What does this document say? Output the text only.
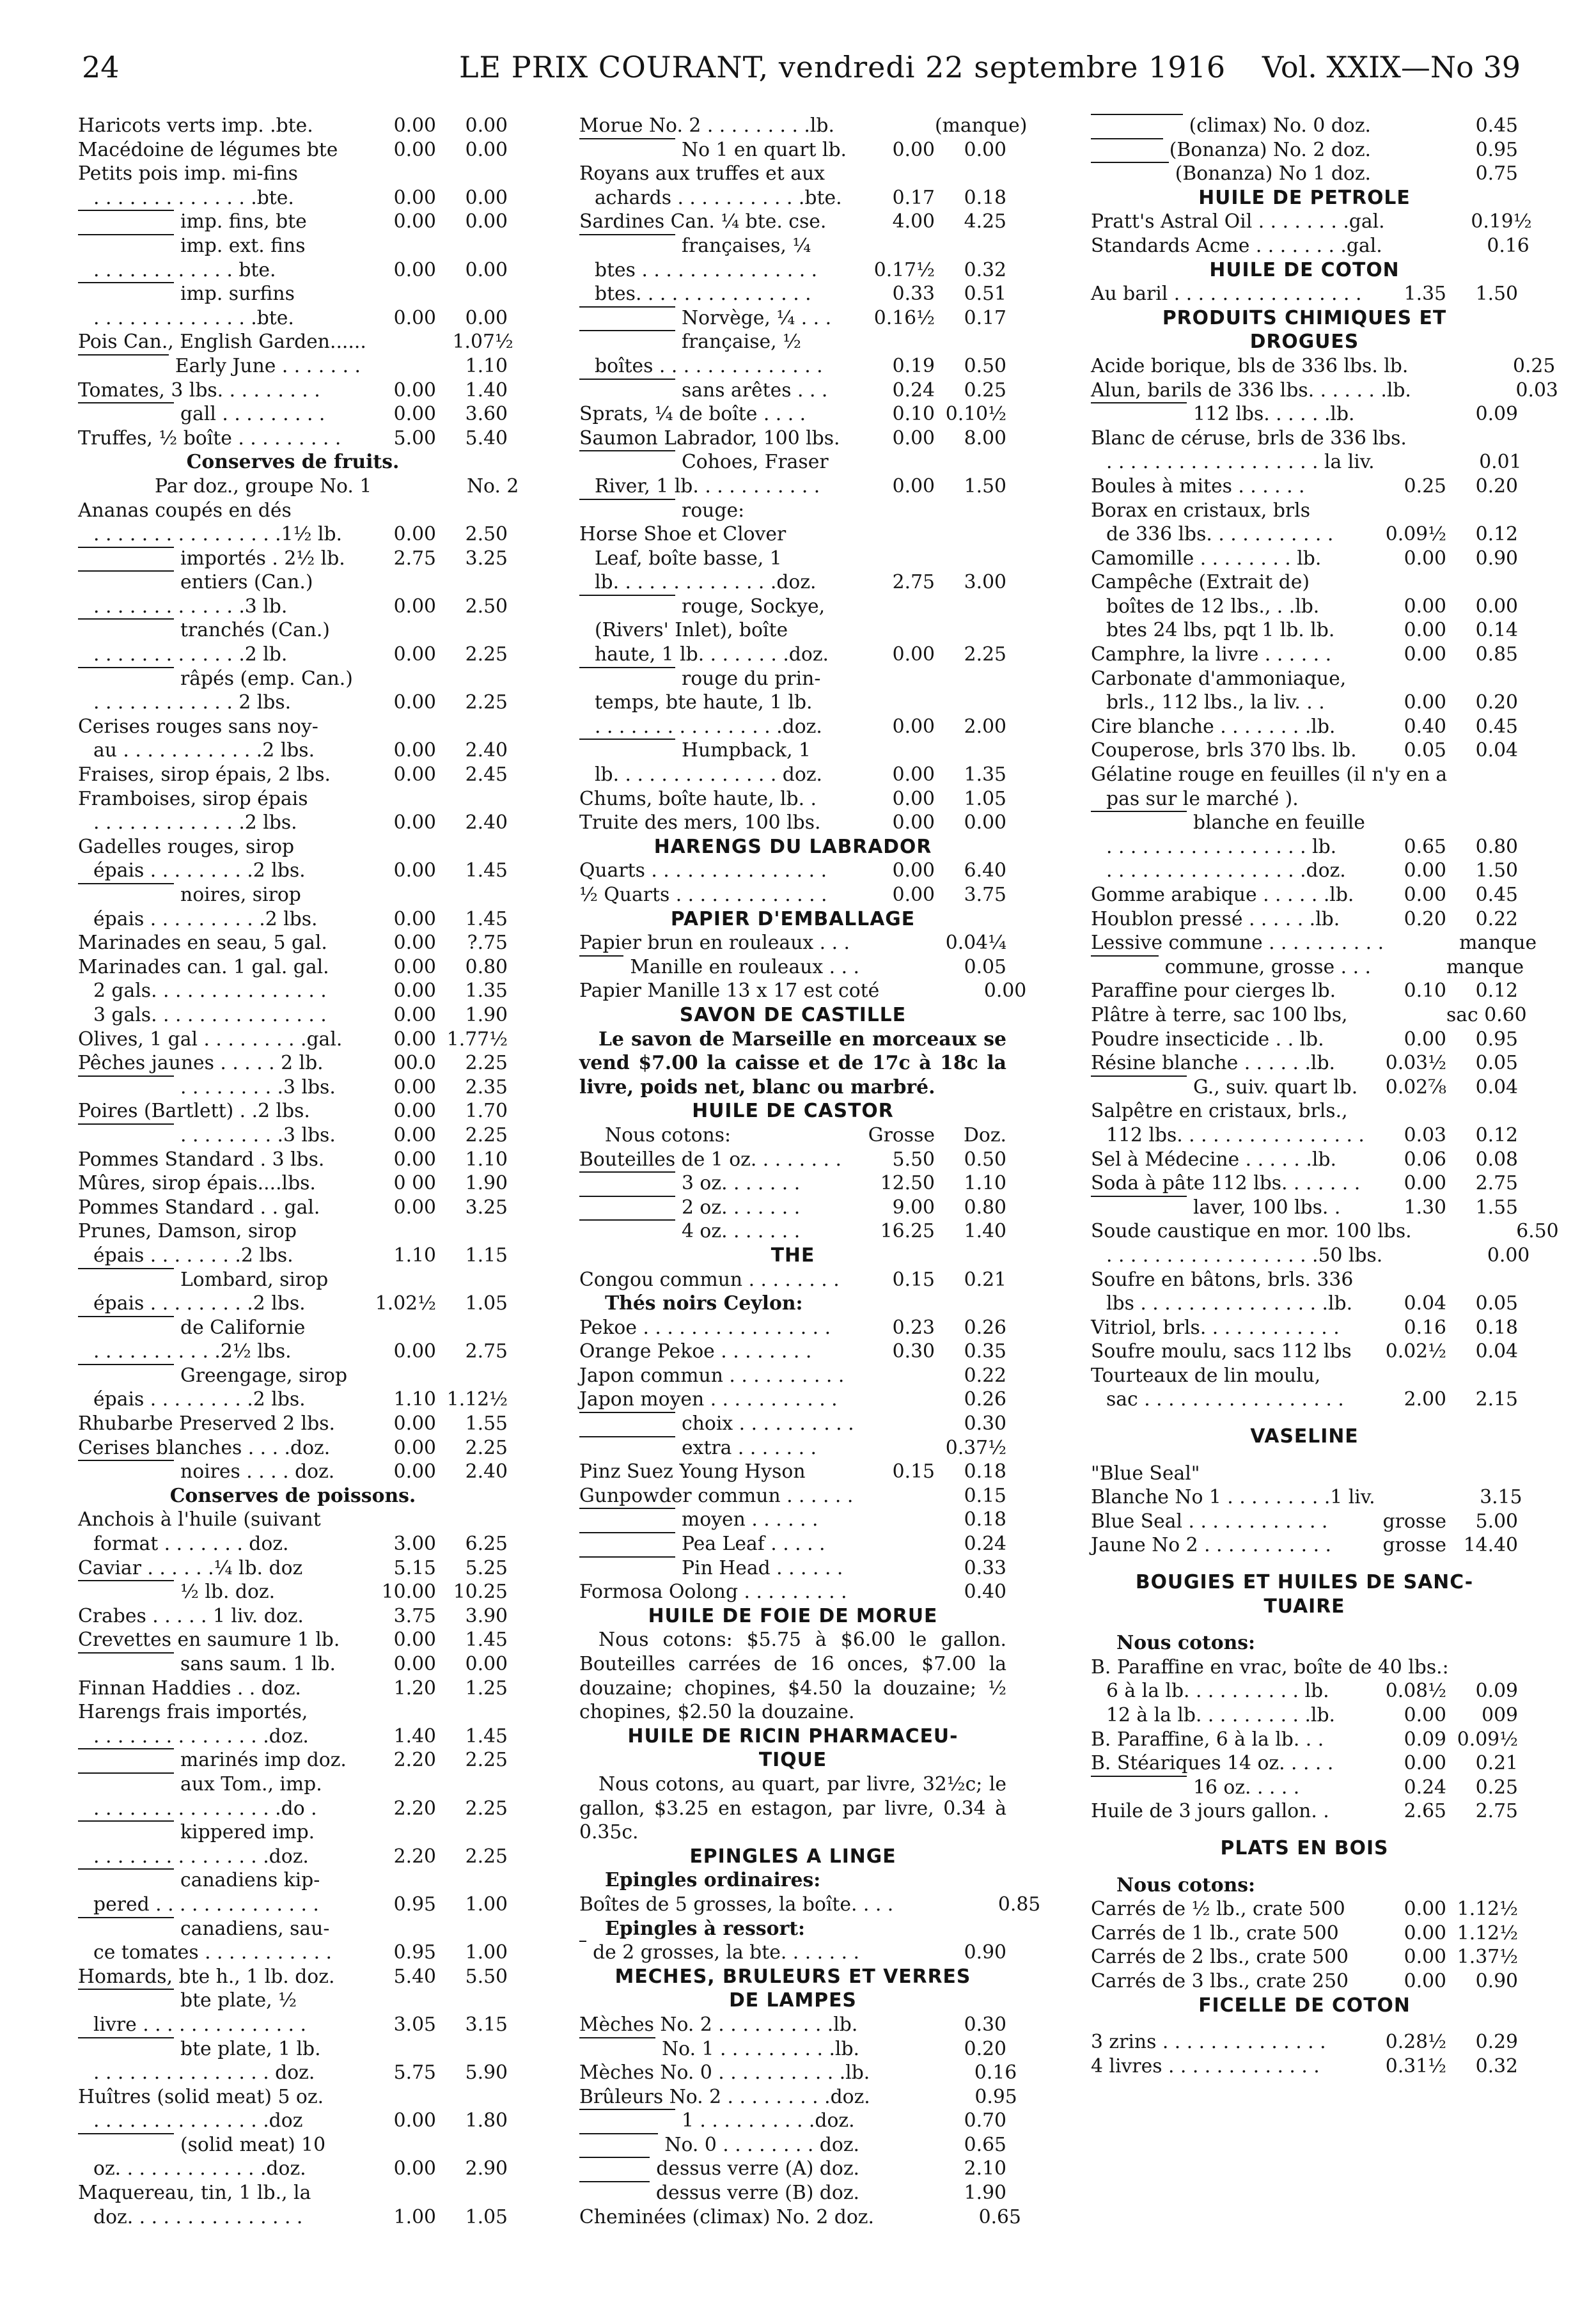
24	LE PRIX COURANT, vendredi 22 septembre 1916 Vol. XXIX—No 39
Haricots verts imp. .bte.	0.00	0.00
Macédoine de légumes bte	0.00	0.00
Petits pois imp. mi-fins
. . . . . . . . . . . . . .bte.	0.00	0.00
imp. fins, bte	0.00	0.00
imp. ext. fins
. . . . . . . . . . . . bte.	0.00	0.00
imp. surfins
. . . . . . . . . . . . . .bte.	0.00	0.00
Pois Can., English Garden......	1.07½
Early June . . . . . . .	1.10
Tomates, 3 lbs. . . . . . . . .	0.00	1.40
gall . . . . . . . . .	0.00	3.60
Truffes, ½ boîte . . . . . . . . .	5.00	5.40
Conserves de fruits.
Par doz., groupe No. 1	No. 2
Ananas coupés en dés
. . . . . . . . . . . . . . . .1½ lb.	0.00	2.50
importés . 2½ lb.	2.75	3.25
entiers (Can.)
. . . . . . . . . . . . .3 lb.	0.00	2.50
tranchés (Can.)
. . . . . . . . . . . . .2 lb.	0.00	2.25
râpés (emp. Can.)
. . . . . . . . . . . . 2 lbs.	0.00	2.25
Cerises rouges sans noy-
au . . . . . . . . . . . .2 lbs.	0.00	2.40
Fraises, sirop épais, 2 lbs.	0.00	2.45
Framboises, sirop épais
. . . . . . . . . . . . .2 lbs.	0.00	2.40
Gadelles rouges, sirop
épais . . . . . . . . .2 lbs.	0.00	1.45
noires, sirop
épais . . . . . . . . . .2 lbs.	0.00	1.45
Marinades en seau, 5 gal.	0.00	?.75
Marinades can. 1 gal. gal.	0.00	0.80
2 gals. . . . . . . . . . . . . . .	0.00	1.35
3 gals. . . . . . . . . . . . . . .	0.00	1.90
Olives, 1 gal . . . . . . . . .gal.	0.00 1.77½
Pêches jaunes . . . . . 2 lb.	00.0	2.25
. . . . . . . . .3 lbs.	0.00	2.35
Poires (Bartlett) . .2 lbs.	0.00	1.70
. . . . . . . . .3 lbs.	0.00	2.25
Pommes Standard . 3 lbs.	0.00	1.10
Mûres, sirop épais....lbs.	0 00	1.90
Pommes Standard . . gal.	0.00	3.25
Prunes, Damson, sirop
épais . . . . . . . .2 lbs.	1.10	1.15
Lombard, sirop
épais . . . . . . . . .2 lbs.	1.02½	1.05
de Californie
. . . . . . . . . . .2½ lbs.	0.00	2.75
Greengage, sirop
épais . . . . . . . . .2 lbs.	1.10 1.12½
Rhubarbe Preserved 2 lbs.	0.00	1.55
Cerises blanches . . . .doz.	0.00	2.25
noires . . . . doz.	0.00	2.40
Conserves de poissons.
Anchois à l'huile (suivant
format . . . . . . . doz.	3.00	6.25
Caviar . . . . . .¼ lb. doz	5.15	5.25
½ lb. doz.	10.00 10.25
Crabes . . . . . 1 liv. doz.	3.75	3.90
Crevettes en saumure 1 lb.	0.00	1.45
sans saum. 1 lb.	0.00	0.00
Finnan Haddies . . doz.	1.20	1.25
Harengs frais importés,
. . . . . . . . . . . . . . .doz.	1.40	1.45
marinés imp doz.	2.20	2.25
aux Tom., imp.
. . . . . . . . . . . . . . . .do .	2.20	2.25
kippered imp.
. . . . . . . . . . . . . . .doz.	2.20	2.25
canadiens kip-
pered . . . . . . . . . . . . . .	0.95	1.00
canadiens, sau-
ce tomates . . . . . . . . . . .	0.95	1.00
Homards, bte h., 1 lb. doz.	5.40	5.50
bte plate, ½
livre . . . . . . . . . . . . . .	3.05	3.15
bte plate, 1 lb.
. . . . . . . . . . . . . . . doz.	5.75	5.90
Huîtres (solid meat) 5 oz.
. . . . . . . . . . . . . . .doz	0.00	1.80
(solid meat) 10
oz. . . . . . . . . . . . .doz.	0.00	2.90
Maquereau, tin, 1 lb., la
doz. . . . . . . . . . . . . . .	1.00	1.05
Morue No. 2 . . . . . . . . .lb.	(manque)
No 1 en quart lb.	0.00	0.00
Royans aux truffes et aux
achards . . . . . . . . . . .bte.	0.17	0.18
Sardines Can. ¼ bte. cse.	4.00	4.25
françaises, ¼
btes . . . . . . . . . . . . . . .	0.17½	0.32
btes. . . . . . . . . . . . . . .	0.33	0.51
Norvège, ¼ . . .	0.16½	0.17
française, ½
boîtes . . . . . . . . . . . . . .	0.19	0.50
sans arêtes . . .	0.24	0.25
Sprats, ¼ de boîte . . . .	0.10 0.10½
Saumon Labrador, 100 lbs.	0.00	8.00
Cohoes, Fraser
River, 1 lb. . . . . . . . . . .	0.00	1.50
rouge:
Horse Shoe et Clover
Leaf, boîte basse, 1
lb. . . . . . . . . . . . . .doz.	2.75	3.00
rouge, Sockye,
(Rivers' Inlet), boîte
haute, 1 lb. . . . . . . .doz.	0.00	2.25
rouge du prin-
temps, bte haute, 1 lb.
. . . . . . . . . . . . . . . .doz.	0.00	2.00
Humpback, 1
lb. . . . . . . . . . . . . . doz.	0.00	1.35
Chums, boîte haute, lb. .	0.00	1.05
Truite des mers, 100 lbs.	0.00	0.00
HARENGS DU LABRADOR
Quarts . . . . . . . . . . . . . . .	0.00	6.40
½ Quarts . . . . . . . . . . . . .	0.00	3.75
PAPIER D'EMBALLAGE
Papier brun en rouleaux . . .	0.04¼
Manille en rouleaux . . .	0.05
Papier Manille 13 x 17 est coté	0.00
SAVON DE CASTILLE
Le savon de Marseille en morceaux se vend $7.00 la caisse et de 17c à 18c la livre, poids net, blanc ou marbré.
HUILE DE CASTOR
Nous cotons:	Grosse	Doz.
Bouteilles de 1 oz. . . . . . . .	5.50	0.50
3 oz. . . . . . .	12.50	1.10
2 oz. . . . . . .	9.00	0.80
4 oz. . . . . . .	16.25	1.40
THE
Congou commun . . . . . . . .	0.15	0.21
Thés noirs Ceylon:
Pekoe . . . . . . . . . . . . . . . .	0.23	0.26
Orange Pekoe . . . . . . . .	0.30	0.35
Japon commun . . . . . . . . . .	0.22
Japon moyen . . . . . . . . . . .	0.26
choix . . . . . . . . . .	0.30
extra . . . . . . .	0.37½
Pinz Suez Young Hyson	0.15	0.18
Gunpowder commun . . . . . .	0.15
moyen . . . . . .	0.18
Pea Leaf . . . . .	0.24
Pin Head . . . . . .	0.33
Formosa Oolong . . . . . . . . .	0.40
HUILE DE FOIE DE MORUE
Nous cotons: $5.75 à $6.00 le gallon. Bouteilles carrées de 16 onces, $7.00 la douzaine; chopines, $4.50 la douzaine; ½ chopines, $2.50 la douzaine.
HUILE DE RICIN PHARMACEU-
TIQUE
Nous cotons, au quart, par livre, 32½c; le gallon, $3.25 en estagon, par livre, 0.34 à 0.35c.
EPINGLES A LINGE
Epingles ordinaires:
Boîtes de 5 grosses, la boîte. . . .	0.85
Epingles à ressort:
de 2 grosses, la bte. . . . . . .	0.90
MECHES, BRULEURS ET VERRES
DE LAMPES
Mèches No. 2 . . . . . . . . . .lb.	0.30
No. 1 . . . . . . . . . .lb.	0.20
Mèches No. 0 . . . . . . . . . . .lb.	0.16
Brûleurs No. 2 . . . . . . . . .doz.	0.95
1 . . . . . . . . . .doz.	0.70
No. 0 . . . . . . . . doz.	0.65
dessus verre (A) doz.	2.10
dessus verre (B) doz.	1.90
Cheminées (climax) No. 2 doz.	0.65
(climax) No. 0 doz.	0.45
(Bonanza) No. 2 doz.	0.95
(Bonanza) No 1 doz.	0.75
HUILE DE PETROLE
Pratt's Astral Oil . . . . . . . .gal.	0.19½
Standards Acme . . . . . . . .gal.	0.16
HUILE DE COTON
Au baril . . . . . . . . . . . . . . . .	1.35	1.50
PRODUITS CHIMIQUES ET
DROGUES
Acide borique, bls de 336 lbs. lb.	0.25
Alun, barils de 336 lbs. . . . . . .lb.	0.03
112 lbs. . . . . .lb.	0.09
Blanc de céruse, brls de 336 lbs.
. . . . . . . . . . . . . . . . . . la liv.	0.01
Boules à mites . . . . . .	0.25	0.20
Borax en cristaux, brls
de 336 lbs. . . . . . . . . . .	0.09½	0.12
Camomille . . . . . . . . lb.	0.00	0.90
Campêche (Extrait de)
boîtes de 12 lbs., . .lb.	0.00	0.00
btes 24 lbs, pqt 1 lb. lb.	0.00	0.14
Camphre, la livre . . . . . .	0.00	0.85
Carbonate d'ammoniaque,
brls., 112 lbs., la liv. . .	0.00	0.20
Cire blanche . . . . . . . .lb.	0.40	0.45
Couperose, brls 370 lbs. lb.	0.05	0.04
Gélatine rouge en feuilles (il n'y en a
pas sur le marché ).
blanche en feuille
. . . . . . . . . . . . . . . . . lb.	0.65	0.80
. . . . . . . . . . . . . . . . .doz.	0.00	1.50
Gomme arabique . . . . . .lb.	0.00	0.45
Houblon pressé . . . . . .lb.	0.20	0.22
Lessive commune . . . . . . . . . .	manque
commune, grosse . . .	manque
Paraffine pour cierges lb.	0.10	0.12
Plâtre à terre, sac 100 lbs,	sac 0.60
Poudre insecticide . . lb.	0.00	0.95
Résine blanche . . . . . .lb.	0.03½	0.05
G., suiv. quart lb.	0.02⅞	0.04
Salpêtre en cristaux, brls.,
112 lbs. . . . . . . . . . . . . . . .	0.03	0.12
Sel à Médecine . . . . . .lb.	0.06	0.08
Soda à pâte 112 lbs. . . . . . .	0.00	2.75
laver, 100 lbs. .	1.30	1.55
Soude caustique en mor. 100 lbs.	6.50
. . . . . . . . . . . . . . . . . .50 lbs.	0.00
Soufre en bâtons, brls. 336
lbs . . . . . . . . . . . . . . . .lb.	0.04	0.05
Vitriol, brls. . . . . . . . . . . .	0.16	0.18
Soufre moulu, sacs 112 lbs	0.02½	0.04
Tourteaux de lin moulu,
sac . . . . . . . . . . . . . . . . .	2.00	2.15
VASELINE
"Blue Seal"
Blanche No 1 . . . . . . . . .1 liv.	3.15
Blue Seal . . . . . . . . . . . .	grosse	5.00
Jaune No 2 . . . . . . . . . . .	grosse 14.40
BOUGIES ET HUILES DE SANC-
TUAIRE
Nous cotons:
B. Paraffine en vrac, boîte de 40 lbs.:
6 à la lb. . . . . . . . . . lb.	0.08½	0.09
12 à la lb. . . . . . . . . .lb.	0.00	009
B. Paraffine, 6 à la lb. . .	0.09 0.09½
B. Stéariques 14 oz. . . . .	0.00	0.21
16 oz. . . . .	0.24	0.25
Huile de 3 jours gallon. .	2.65	2.75
PLATS EN BOIS
Nous cotons:
Carrés de ½ lb., crate 500	0.00 1.12½
Carrés de 1 lb., crate 500	0.00 1.12½
Carrés de 2 lbs., crate 500	0.00 1.37½
Carrés de 3 lbs., crate 250	0.00	0.90
FICELLE DE COTON
3 zrins . . . . . . . . . . . . . .	0.28½	0.29
4 livres . . . . . . . . . . . . .	0.31½	0.32
